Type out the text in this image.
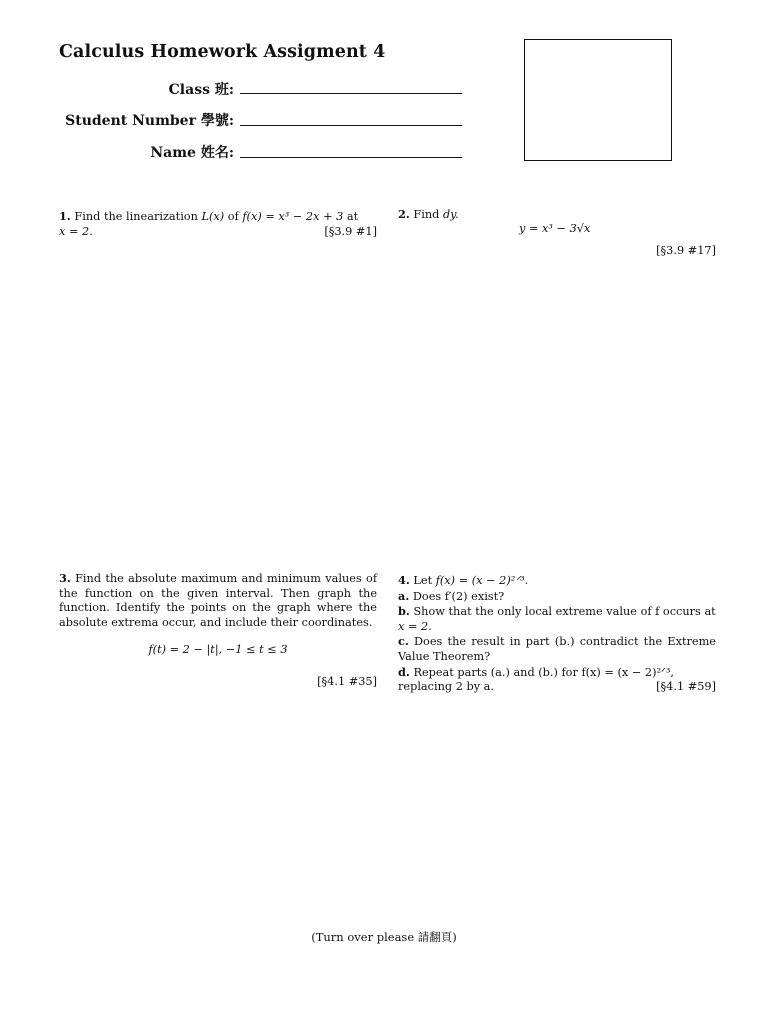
Calculus Homework Assigment 4
Class 班:
Student Number 學號:
Name 姓名:
1. Find the linearization L(x) of f(x) = x³ − 2x + 3 at
x = 2.	[§3.9 #1]
2. Find dy.
y = x³ − 3√x
[§3.9 #17]
3. Find the absolute maximum and minimum values of the function on the given interval. Then graph the function. Identify the points on the graph where the absolute extrema occur, and include their coordinates.
f(t) = 2 − |t|, −1 ≤ t ≤ 3
[§4.1 #35]
4. Let f(x) = (x − 2)²ᐟ³.
a. Does f′(2) exist?
b. Show that the only local extreme value of f occurs at
x = 2.
c. Does the result in part (b.) contradict the Extreme Value Theorem?
d. Repeat parts (a.) and (b.) for f(x) = (x − 2)²ᐟ³,
replacing 2 by a.	[§4.1 #59]
(Turn over please 請翻頁)
